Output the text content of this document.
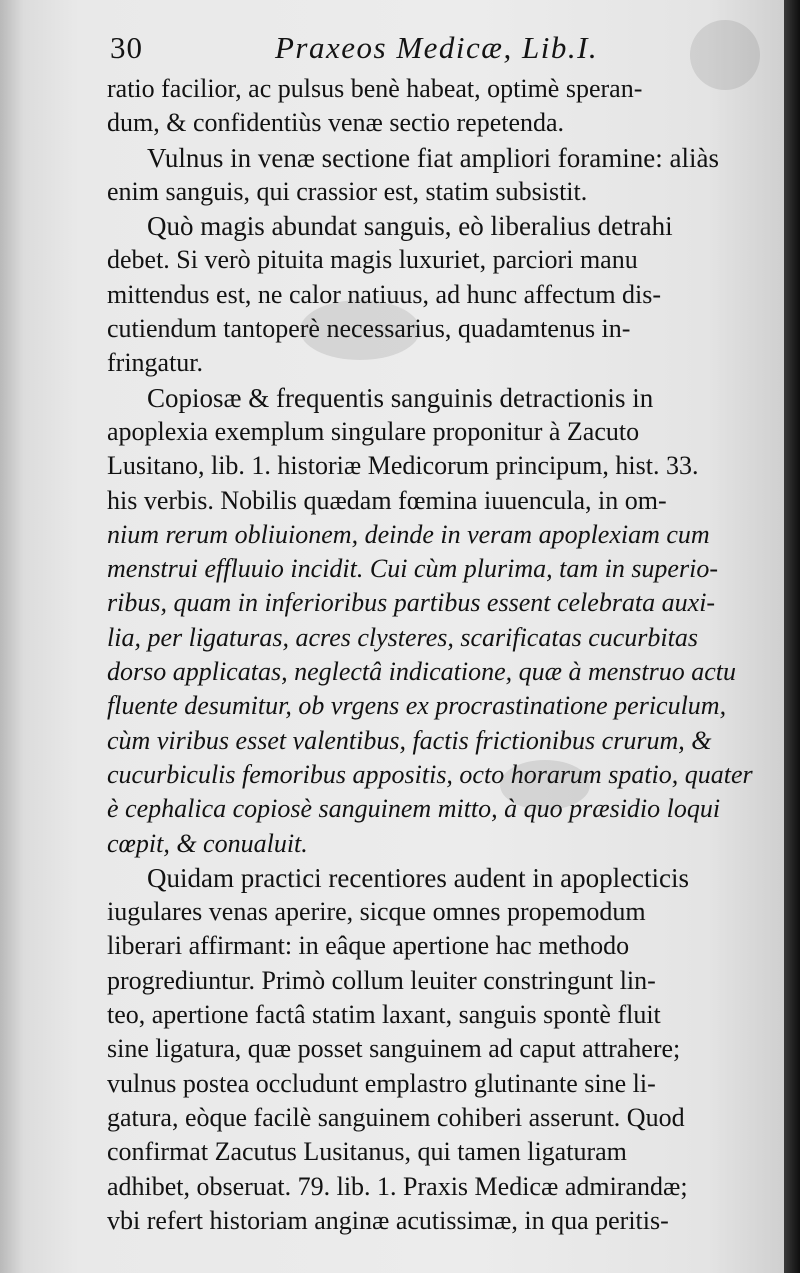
30	Praxeos Medicæ, Lib.I.
ratio facilior, ac pulsus benè habeat, optimè speran-
dum, & confidentiùs venæ sectio repetenda.
Vulnus in venæ sectione fiat ampliori foramine: aliàs
enim sanguis, qui crassior est, statim subsistit.
Quò magis abundat sanguis, eò liberalius detrahi
debet. Si verò pituita magis luxuriet, parciori manu
mittendus est, ne calor natiuus, ad hunc affectum dis-
cutiendum tantoperè necessarius, quadamtenus in-
fringatur.
Copiosæ & frequentis sanguinis detractionis in
apoplexia exemplum singulare proponitur à Zacuto
Lusitano, lib. 1. historiæ Medicorum principum, hist. 33.
his verbis. Nobilis quædam fœmina iuuencula, in om-
nium rerum obliuionem, deinde in veram apoplexiam cum
menstrui effluuio incidit. Cui cùm plurima, tam in superio-
ribus, quam in inferioribus partibus essent celebrata auxi-
lia, per ligaturas, acres clysteres, scarificatas cucurbitas
dorso applicatas, neglectâ indicatione, quæ à menstruo actu
fluente desumitur, ob vrgens ex procrastinatione periculum,
cùm viribus esset valentibus, factis frictionibus crurum, &
cucurbiculis femoribus appositis, octo horarum spatio, quater
è cephalica copiosè sanguinem mitto, à quo præsidio loqui
cœpit, & conualuit.
Quidam practici recentiores audent in apoplecticis
iugulares venas aperire, sicque omnes propemodum
liberari affirmant: in eâque apertione hac methodo
progrediuntur. Primò collum leuiter constringunt lin-
teo, apertione factâ statim laxant, sanguis spontè fluit
sine ligatura, quæ posset sanguinem ad caput attrahere;
vulnus postea occludunt emplastro glutinante sine li-
gatura, eòque facilè sanguinem cohiberi asserunt. Quod
confirmat Zacutus Lusitanus, qui tamen ligaturam
adhibet, obseruat. 79. lib. 1. Praxis Medicæ admirandæ;
vbi refert historiam anginæ acutissimæ, in qua peritis-
